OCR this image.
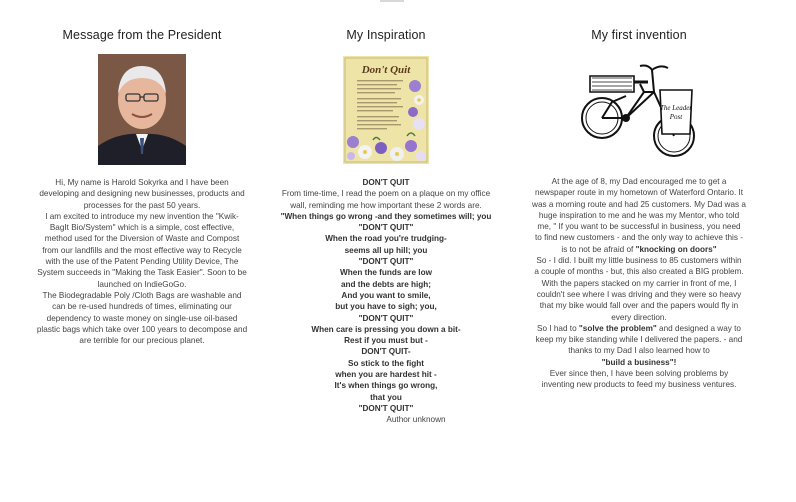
Message from the President
Hi, My name is Harold Sokyrka and I have been
developing and designing new businesses, products and
processes for the past 50 years.
I am excited to introduce my new invention the "Kwik-
BagIt Bio/System" which is a simple, cost effective,
method used for the Diversion of Waste and Compost
from our landfills and the most effective way to Recycle
with the use of the Patent Pending Utility Device, The
System succeeds in "Making the Task Easier". Soon to be
launched on IndieGoGo.
The Biodegradable Poly /Cloth Bags are washable and
can be re-used hundreds of times, eliminating our
dependency to waste money on single-use oil-based
plastic bags which take over 100 years to decompose and
are terrible for our precious planet.
My Inspiration
Don't Quit
DON'T QUIT
From time-time, I read the poem on a plaque on my office
wall, reminding me how important these 2 words are.
"When things go wrong -and they sometimes will; you
"DON'T QUIT"
When the road you're trudging-
seems all up hill; you
"DON'T QUIT"
When the funds are low
and the debts are high;
And you want to smile,
but you have to sigh; you,
"DON'T QUIT"
When care is pressing you down a bit-
Rest if you must but -
DON'T QUIT-
So stick to the fight
when you are hardest hit -
It's when things go wrong,
that you
"DON'T QUIT"
Author unknown
My first invention
The Leader
Post
At the age of 8, my Dad encouraged me to get a
newspaper route in my hometown of Waterford Ontario. It
was a morning route and had 25 customers. My Dad was a
huge inspiration to me and he was my Mentor, who told
me, " If you want to be successful in business, you need
to find new customers - and the only way to achieve this -
is to not be afraid of "knocking on doors"
So - I did. I built my little business to 85 customers within
a couple of months - but, this also created a BIG problem.
With the papers stacked on my carrier in front of me, I
couldn't see where I was driving and they were so heavy
that my bike would fall over and the papers would fly in
every direction.
So I had to "solve the problem" and designed a way to
keep my bike standing while I delivered the papers. - and
thanks to my Dad I also learned how to
"build a business"!
Ever since then, I have been solving problems by
inventing new products to feed my business ventures.
